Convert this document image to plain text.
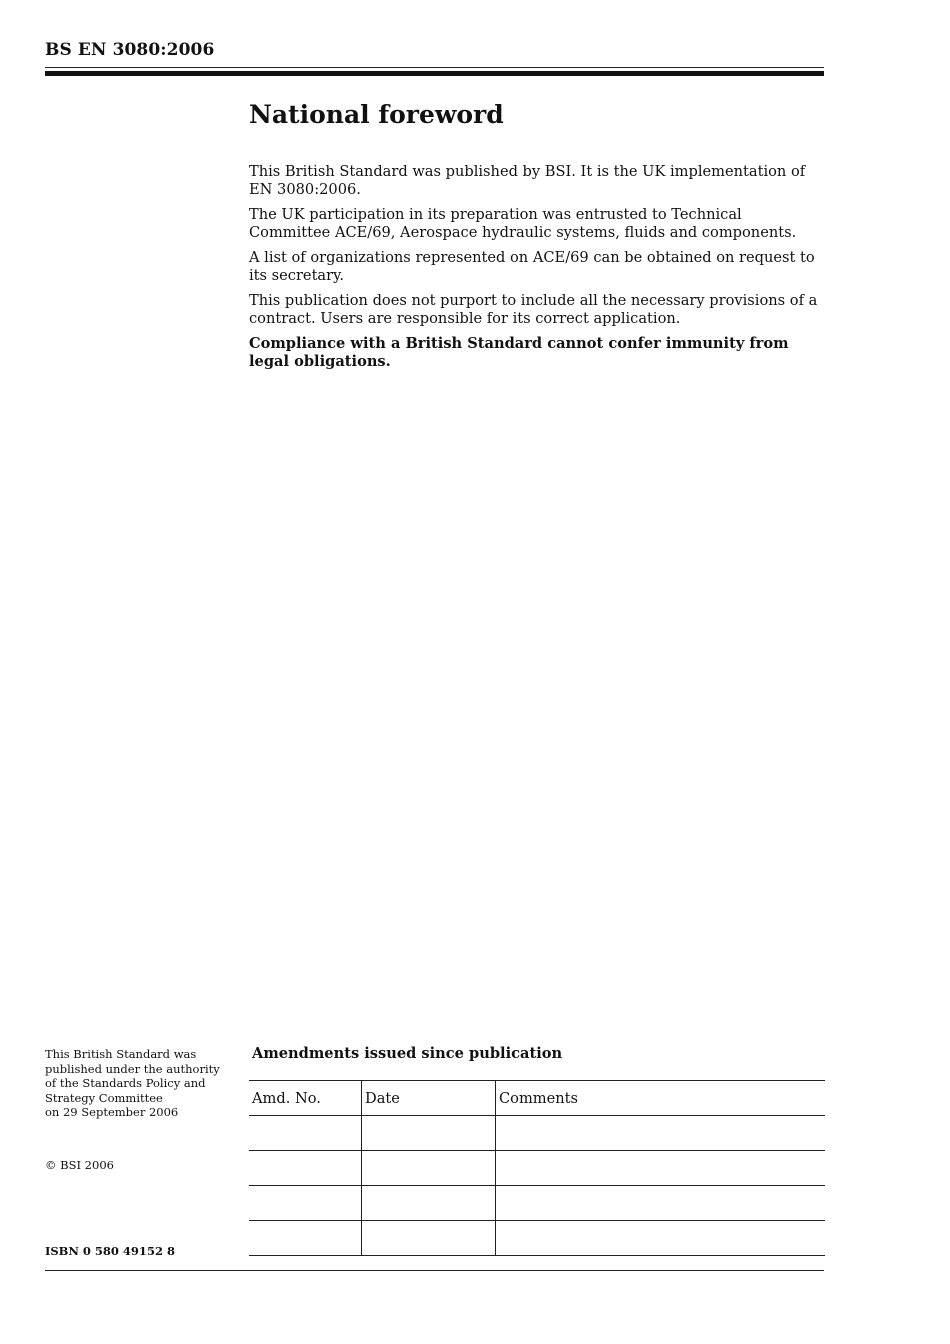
BS EN 3080:2006
National foreword

This British Standard was published by BSI. It is the UK implementation of EN 3080:2006.

The UK participation in its preparation was entrusted to Technical Committee ACE/69, Aerospace hydraulic systems, fluids and components.

A list of organizations represented on ACE/69 can be obtained on request to its secretary.

This publication does not purport to include all the necessary provisions of a contract. Users are responsible for its correct application.

Compliance with a British Standard cannot confer immunity from legal obligations.

This British Standard was
published under the authority
of the Standards Policy and
Strategy Committee
on 29 September 2006
© BSI 2006
ISBN 0 580 49152 8
Amendments issued since publication
Amd. No.	Date	Comments
